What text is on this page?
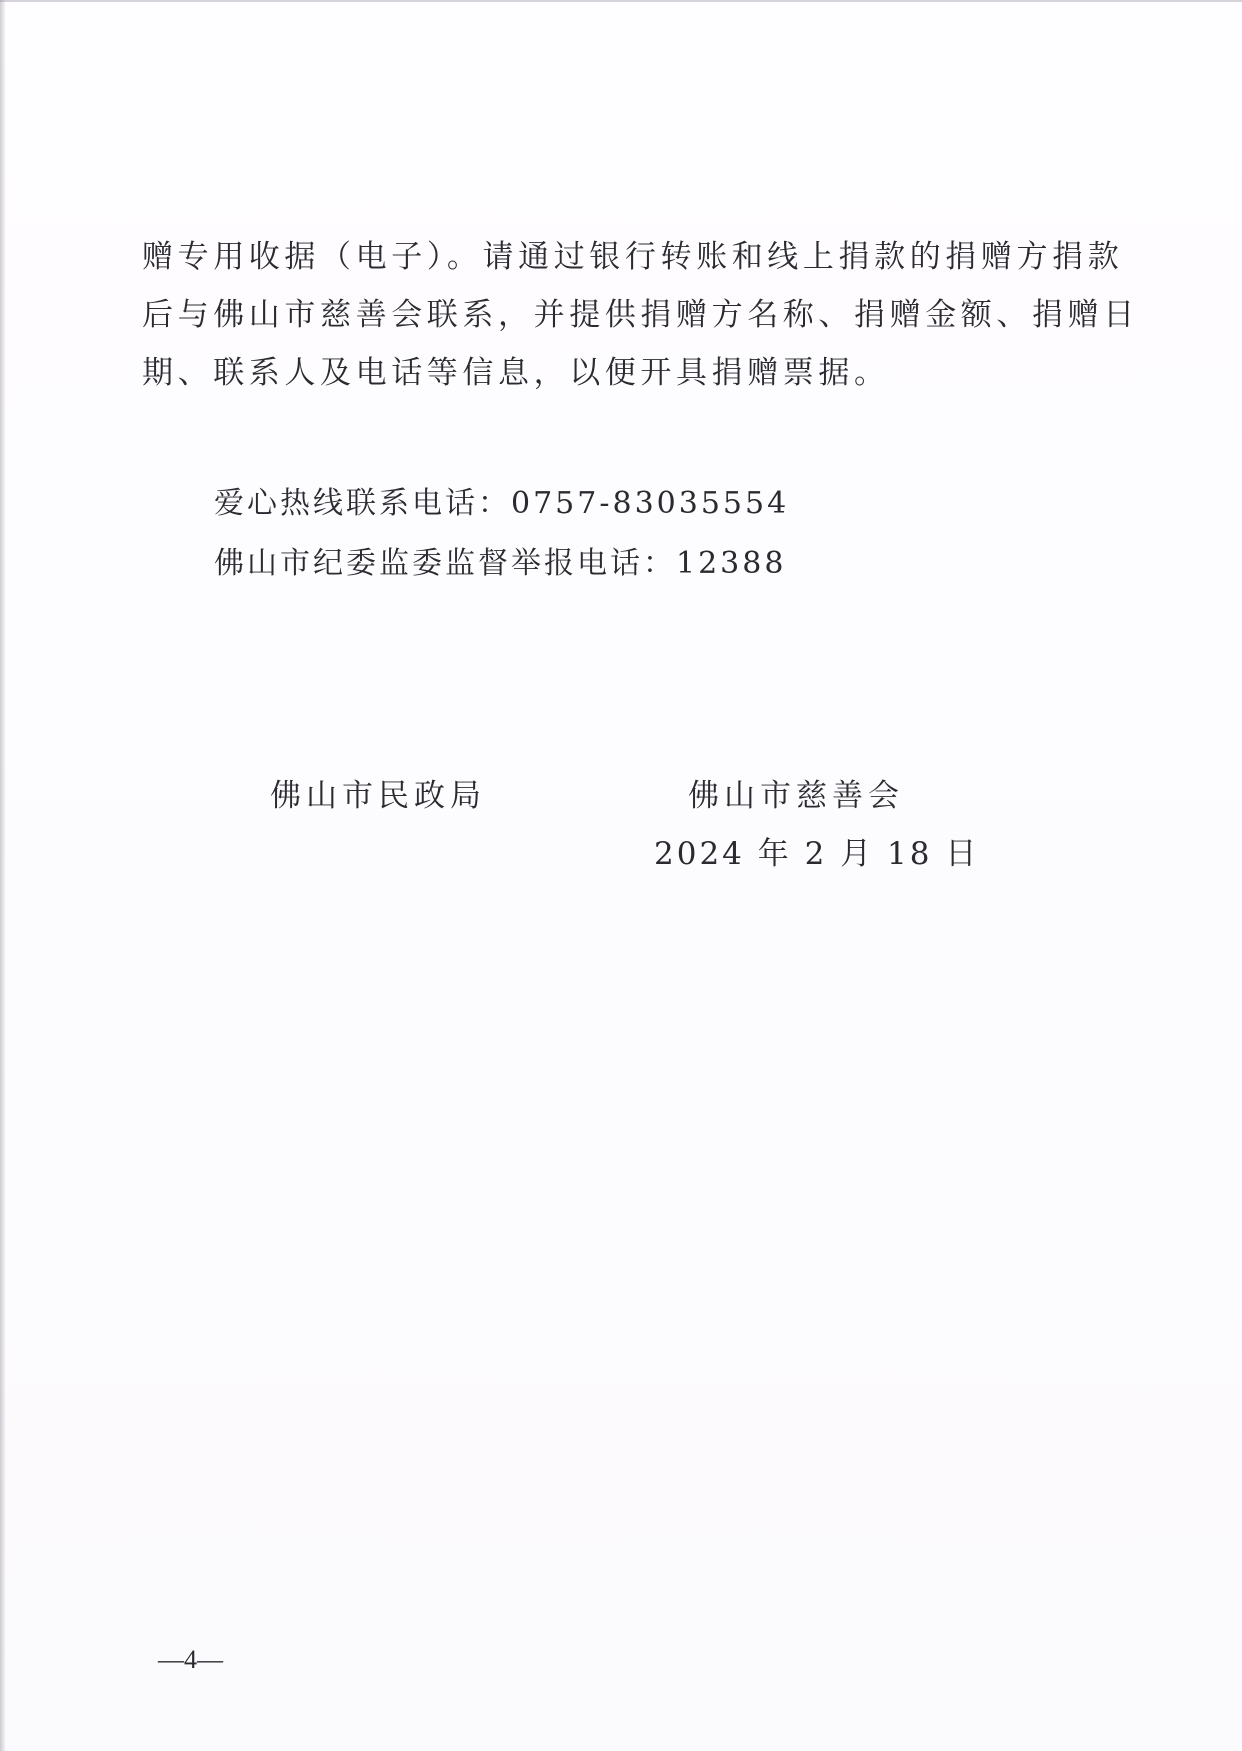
赠专用收据（电子）。请通过银行转账和线上捐款的捐赠方捐款
后与佛山市慈善会联系，并提供捐赠方名称、捐赠金额、捐赠日
期、联系人及电话等信息，以便开具捐赠票据。

爱心热线联系电话：0757-83035554
佛山市纪委监委监督举报电话：12388
佛山市民政局	佛山市慈善会
2024 年 2 月 18 日
—4—
